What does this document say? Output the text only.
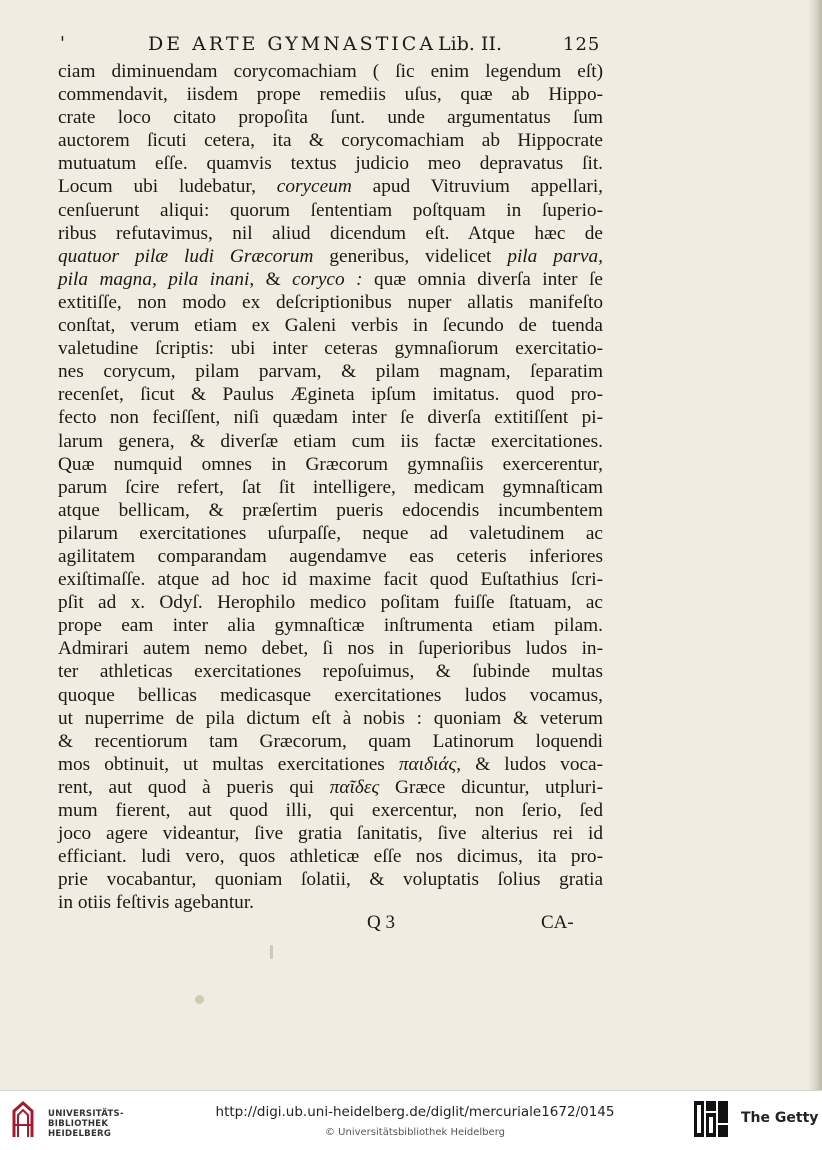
'	DE ARTE GYMNASTICA Lib. II.	125
ciam diminuendam corycomachiam ( ſic enim legendum eſt)
commendavit, iisdem prope remediis uſus, quæ ab Hippo-
crate loco citato propoſita ſunt. unde argumentatus ſum
auctorem ſicuti cetera, ita & corycomachiam ab Hippocrate
mutuatum eſſe. quamvis textus judicio meo depravatus ſit.
Locum ubi ludebatur, coryceum apud Vitruvium appellari,
cenſuerunt aliqui: quorum ſententiam poſtquam in ſuperio-
ribus refutavimus, nil aliud dicendum eſt. Atque hæc de
quatuor pilæ ludi Græcorum generibus, videlicet pila parva,
pila magna, pila inani, & coryco : quæ omnia diverſa inter ſe
extitiſſe, non modo ex deſcriptionibus nuper allatis manifeſto
conſtat, verum etiam ex Galeni verbis in ſecundo de tuenda
valetudine ſcriptis: ubi inter ceteras gymnaſiorum exercitatio-
nes corycum, pilam parvam, & pilam magnam, ſeparatim
recenſet, ſicut & Paulus Ægineta ipſum imitatus. quod pro-
fecto non feciſſent, niſi quædam inter ſe diverſa extitiſſent pi-
larum genera, & diverſæ etiam cum iis factæ exercitationes.
Quæ numquid omnes in Græcorum gymnaſiis exercerentur,
parum ſcire refert, ſat ſit intelligere, medicam gymnaſticam
atque bellicam, & præſertim pueris edocendis incumbentem
pilarum exercitationes uſurpaſſe, neque ad valetudinem ac
agilitatem comparandam augendamve eas ceteris inferiores
exiſtimaſſe. atque ad hoc id maxime facit quod Euſtathius ſcri-
pſit ad x. Odyſ. Herophilo medico poſitam fuiſſe ſtatuam, ac
prope eam inter alia gymnaſticæ inſtrumenta etiam pilam.
Admirari autem nemo debet, ſi nos in ſuperioribus ludos in-
ter athleticas exercitationes repoſuimus, & ſubinde multas
quoque bellicas medicasque exercitationes ludos vocamus,
ut nuperrime de pila dictum eſt à nobis : quoniam & veterum
& recentiorum tam Græcorum, quam Latinorum loquendi
mos obtinuit, ut multas exercitationes παιδιάς, & ludos voca-
rent, aut quod à pueris qui παῖδες Græce dicuntur, utpluri-
mum fierent, aut quod illi, qui exercentur, non ſerio, ſed
joco agere videantur, ſive gratia ſanitatis, ſive alterius rei id
efficiant. ludi vero, quos athleticæ eſſe nos dicimus, ita pro-
prie vocabantur, quoniam ſolatii, & voluptatis ſolius gratia
in otiis feſtivis agebantur.
Q 3	CA-
UNIVERSITÄTS-
BIBLIOTHEK
HEIDELBERG
http://digi.ub.uni-heidelberg.de/diglit/mercuriale1672/0145
© Universitätsbibliothek Heidelberg
The Getty
